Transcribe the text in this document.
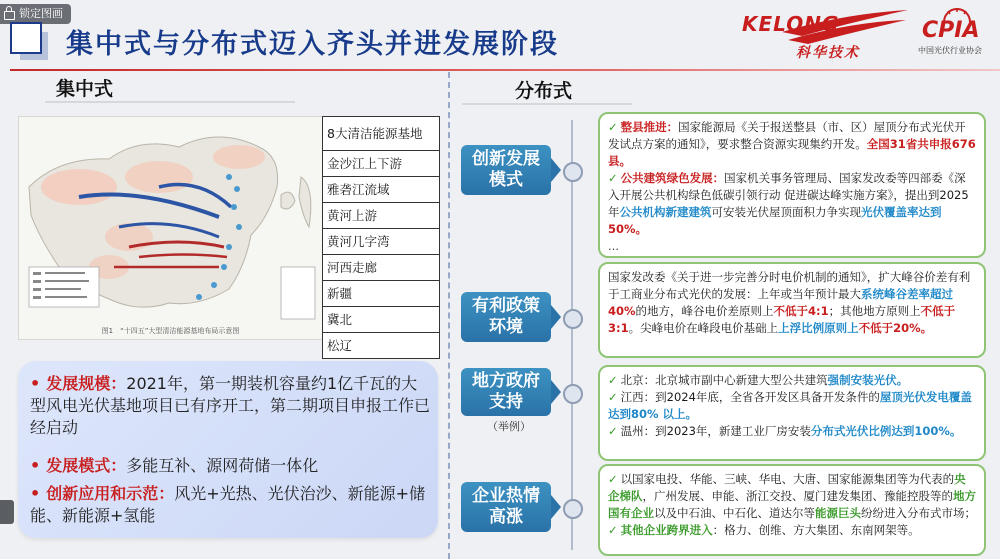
锁定图画
集中式与分布式迈入齐头并进发展阶段
KELONG
科华技术
CPIA
中国光伏行业协会
集中式
图1　“十四五”大型清洁能源基地布局示意图
8大清洁能源基地
金沙江上下游
雅砻江流域
黄河上游
黄河几字湾
河西走廊
新疆
冀北
松辽
• 发展规模：2021年，第一期装机容量约1亿千瓦的大型风电光伏基地项目已有序开工，第二期项目申报工作已经启动
• 发展模式：多能互补、源网荷储一体化
• 创新应用和示范：风光+光热、光伏治沙、新能源+储能、新能源+氢能
分布式
创新发展模式
有利政策环境
地方政府支持
（举例）
企业热情高涨

✓ 整县推进：国家能源局《关于报送整县（市、区）屋顶分布式光伏开发试点方案的通知》，要求整合资源实现集约开发。全国31省共申报676县。

✓ 公共建筑绿色发展：国家机关事务管理局、国家发改委等四部委《深入开展公共机构绿色低碳引领行动 促进碳达峰实施方案》，提出到2025年公共机构新建建筑可安装光伏屋顶面积力争实现光伏覆盖率达到50%。

…

国家发改委《关于进一步完善分时电价机制的通知》，扩大峰谷价差有利于工商业分布式光伏的发展：上年或当年预计最大系统峰谷差率超过40%的地方，峰谷电价差原则上不低于4:1；其他地方原则上不低于3:1。尖峰电价在峰段电价基础上上浮比例原则上不低于20%。

✓ 北京：北京城市副中心新建大型公共建筑强制安装光伏。

✓ 江西：到2024年底，全省各开发区具备开发条件的屋顶光伏发电覆盖达到80% 以上。

✓ 温州：到2023年，新建工业厂房安装分布式光伏比例达到100%。

✓ 以国家电投、华能、三峡、华电、大唐、国家能源集团等为代表的央企梯队，广州发展、申能、浙江交投、厦门建发集团、豫能控股等的地方国有企业以及中石油、中石化、道达尔等能源巨头纷纷进入分布式市场；

✓ 其他企业跨界进入：格力、创维、方大集团、东南网架等。
